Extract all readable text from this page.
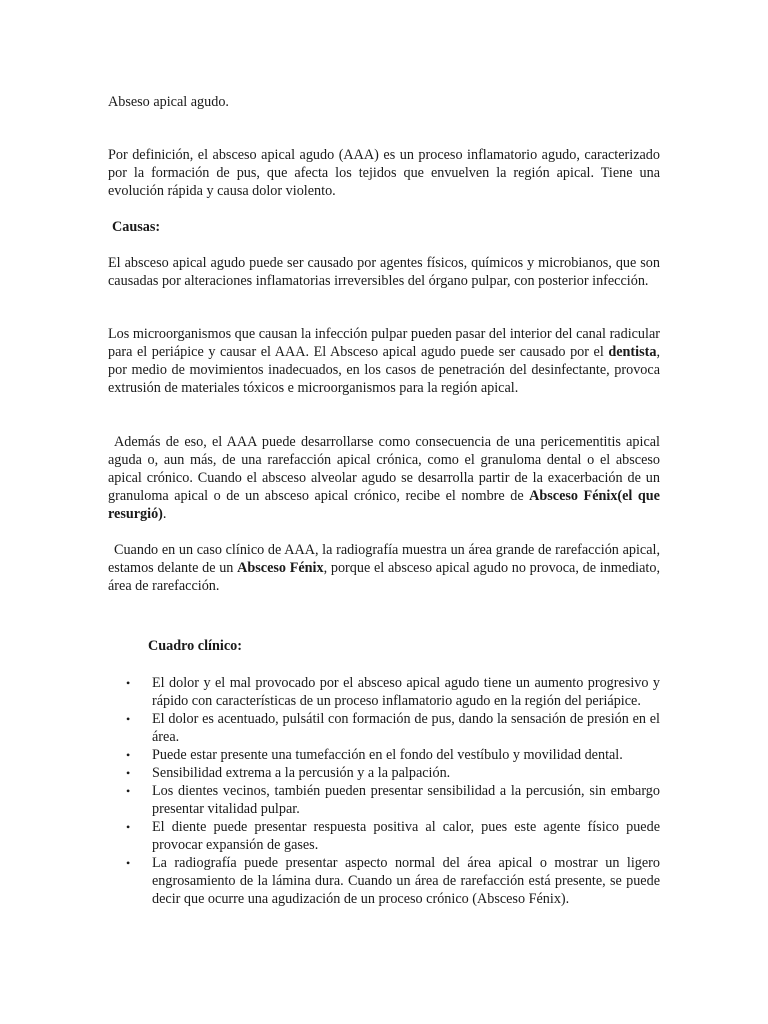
Abseso apical agudo.

Por definición, el absceso apical agudo (AAA) es un proceso inflamatorio agudo, caracterizado por la formación de pus, que afecta los tejidos que envuelven la región apical. Tiene una evolución rápida y causa dolor violento.

Causas:

El absceso apical agudo puede ser causado por agentes físicos, químicos y microbianos, que son causadas por alteraciones inflamatorias irreversibles del órgano pulpar, con posterior infección.

Los microorganismos que causan la infección pulpar pueden pasar del interior del canal radicular para el periápice y causar el AAA. El Absceso apical agudo puede ser causado por el dentista, por medio de movimientos inadecuados, en los casos de penetración del desinfectante, provoca extrusión de materiales tóxicos e microorganismos para la región apical.

Además de eso, el AAA puede desarrollarse como consecuencia de una pericementitis apical aguda o, aun más, de una rarefacción apical crónica, como el granuloma dental o el absceso apical crónico. Cuando el absceso alveolar agudo se desarrolla partir de la exacerbación de un granuloma apical o de un absceso apical crónico, recibe el nombre de Absceso Fénix(el que resurgió).

Cuando en un caso clínico de AAA, la radiografía muestra un área grande de rarefacción apical, estamos delante de un Absceso Fénix, porque el absceso apical agudo no provoca, de inmediato, área de rarefacción.

Cuadro clínico:

• El dolor y el mal provocado por el absceso apical agudo tiene un aumento progresivo y rápido con características de un proceso inflamatorio agudo en la región del periápice.
• El dolor es acentuado, pulsátil con formación de pus, dando la sensación de presión en el área.
• Puede estar presente una tumefacción en el fondo del vestíbulo y movilidad dental.
• Sensibilidad extrema a la percusión y a la palpación.
• Los dientes vecinos, también pueden presentar sensibilidad a la percusión, sin embargo presentar vitalidad pulpar.
• El diente puede presentar respuesta positiva al calor, pues este agente físico puede provocar expansión de gases.
• La radiografía puede presentar aspecto normal del área apical o mostrar un ligero engrosamiento de la lámina dura. Cuando un área de rarefacción está presente, se puede decir que ocurre una agudización de un proceso crónico (Absceso Fénix).
